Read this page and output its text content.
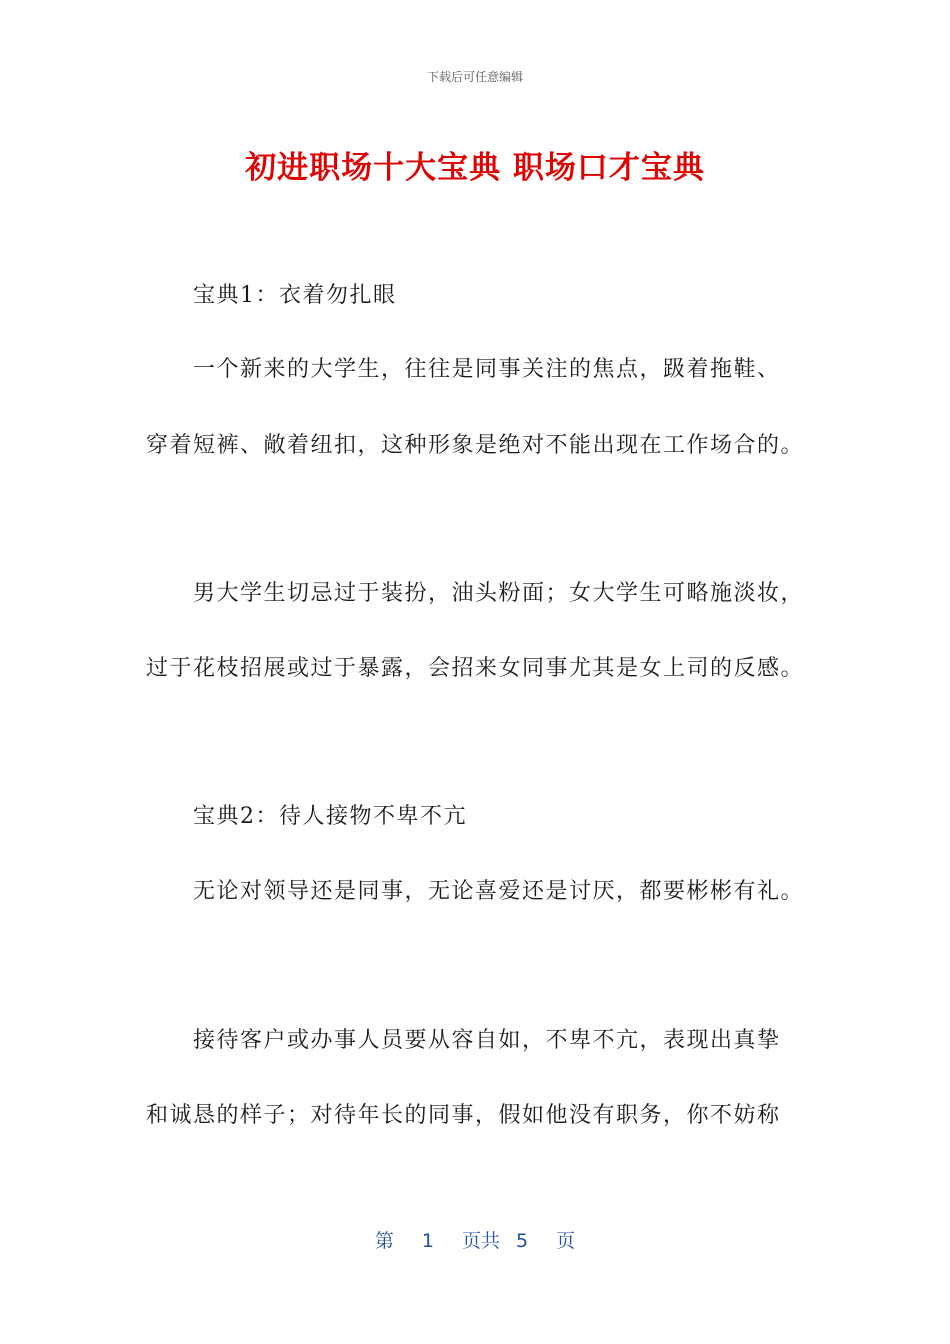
下载后可任意编辑
初进职场十大宝典 职场口才宝典
宝典1：衣着勿扎眼
一个新来的大学生，往往是同事关注的焦点，趿着拖鞋、
穿着短裤、敞着纽扣，这种形象是绝对不能出现在工作场合的。
男大学生切忌过于装扮，油头粉面；女大学生可略施淡妆，
过于花枝招展或过于暴露，会招来女同事尤其是女上司的反感。
宝典2：待人接物不卑不亢
无论对领导还是同事，无论喜爱还是讨厌，都要彬彬有礼。
接待客户或办事人员要从容自如，不卑不亢，表现出真挚
和诚恳的样子；对待年长的同事，假如他没有职务，你不妨称
第 1 页共 5 页
